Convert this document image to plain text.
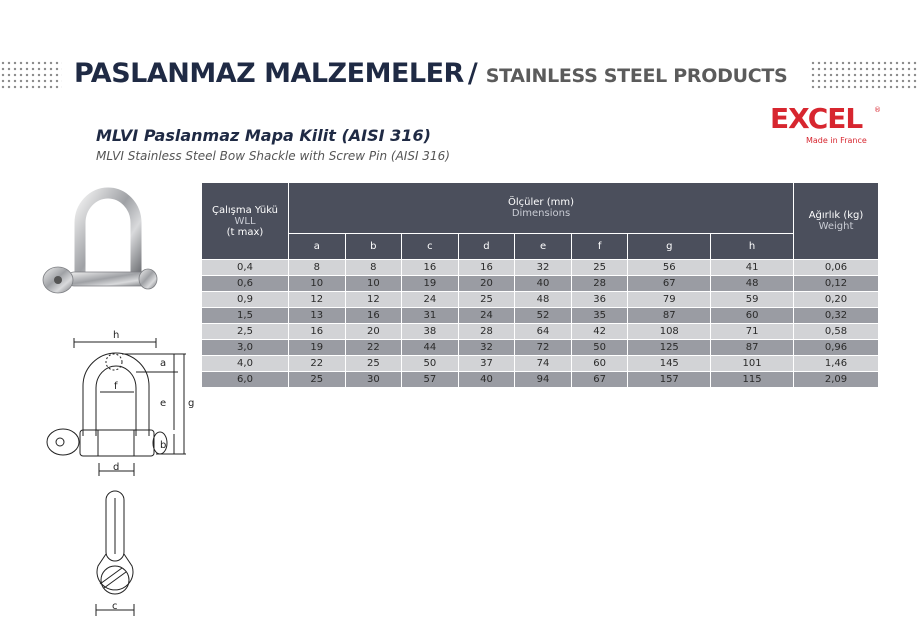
PASLANMAZ MALZEMELER / STAINLESS STEEL PRODUCTS
EXCEL	®
Made in France
MLVI Paslanmaz Mapa Kilit (AISI 316)
MLVI Stainless Steel Bow Shackle with Screw Pin (AISI 316)
h
a
e g
f
b
d
c
Çalışma Yükü

WLL
(t max)	Ölçüler (mm)

Dimensions								Ağırlık (kg)

Weight

	a	b	c	d	e	f	g	h	
0,4	8	8	16	16	32	25	56	41	0,06
0,6	10	10	19	20	40	28	67	48	0,12
0,9	12	12	24	25	48	36	79	59	0,20
1,5	13	16	31	24	52	35	87	60	0,32
2,5	16	20	38	28	64	42	108	71	0,58
3,0	19	22	44	32	72	50	125	87	0,96
4,0	22	25	50	37	74	60	145	101	1,46
6,0	25	30	57	40	94	67	157	115	2,09
